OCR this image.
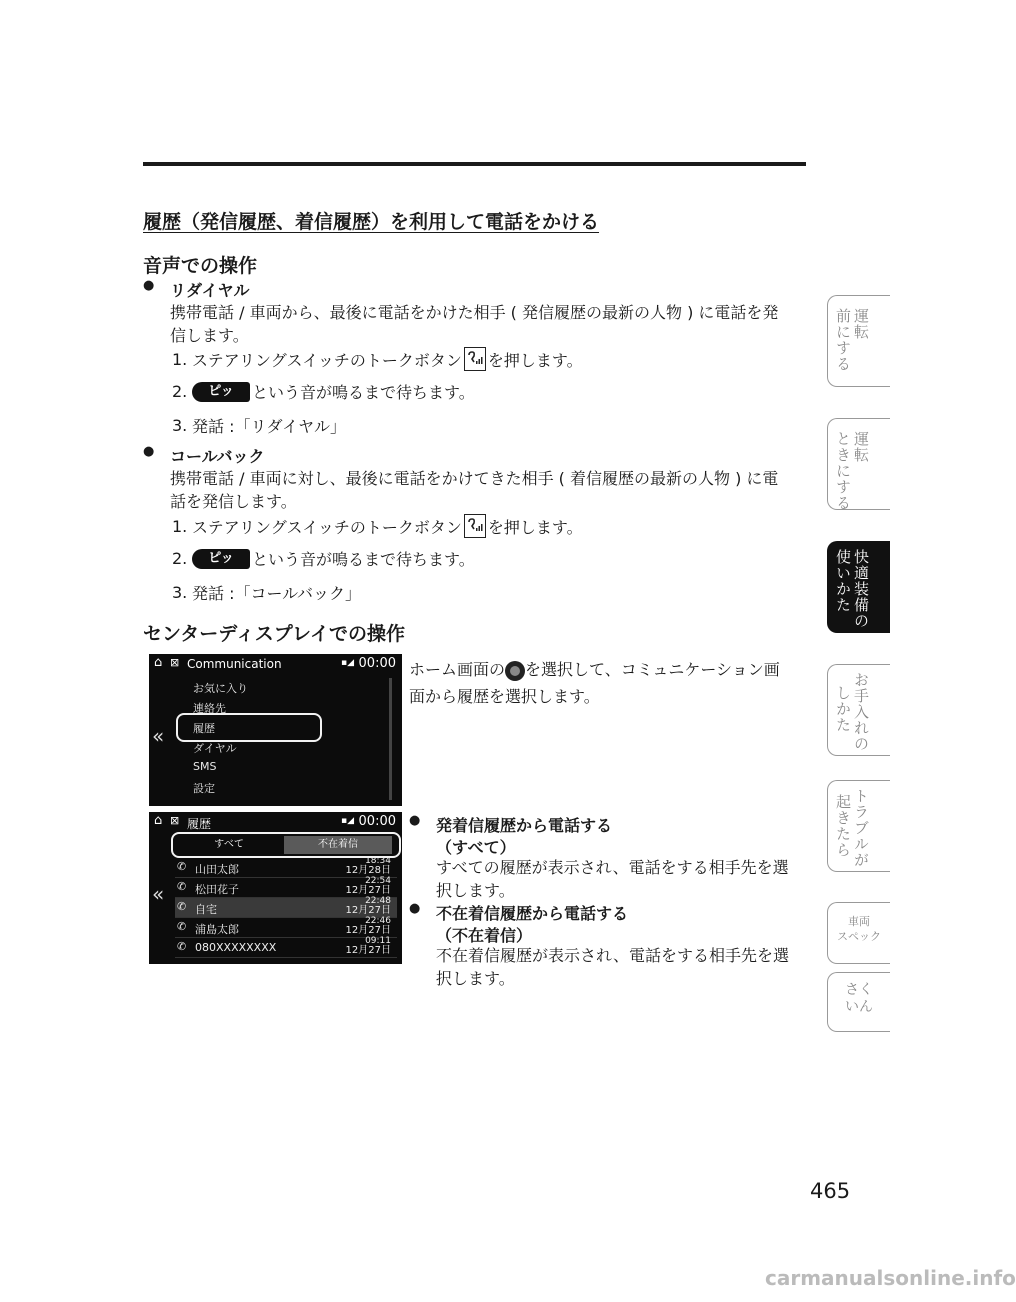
履歴（発信履歴、着信履歴）を利用して電話をかける
音声での操作
● リダイヤル
携帯電話 / 車両から、最後に電話をかけた相手 ( 発信履歴の最新の人物 ) に電話を発
信します。
1. ステアリングスイッチのトークボタン を押します。
2.	ピッ	という音が鳴るまで待ちます。
3. 発話 :「リダイヤル」
● コールバック
携帯電話 / 車両に対し、最後に電話をかけてきた相手 ( 着信履歴の最新の人物 ) に電
話を発信します。
1. ステアリングスイッチのトークボタン を押します。
2.	ピッ	という音が鳴るまで待ちます。
3. 発話 :「コールバック」
センターディスプレイでの操作
⌂ ⊠ Communication	▪◢ 00:00
«
お気に入り
連絡先
履歴
ダイヤル
SMS
設定
ホーム画面の を選択して、コミュニケーション画
面から履歴を選択します。
⌂ ⊠ 履歴	▪◢ 00:00
«
すべて	不在着信
✆ 山田太郎
18:34
12月28日
✆ 松田花子
22:54
12月27日
✆ 自宅
22:48
12月27日
✆ 浦島太郎
22:46
12月27日
✆ 080XXXXXXXX	09:11
12月27日
● 発着信履歴から電話する
（すべて）
すべての履歴が表示され、電話をする相手先を選
択します。
● 不在着信履歴から電話する
（不在着信）
不在着信履歴が表示され、電話をする相手先を選
択します。
運転
前にする
運転
ときにする
快適装備の
使いかた
お手入れの
しかた
トラブルが
起きたら
車両
スペック
さく
いん
465
carmanualsonline.info
